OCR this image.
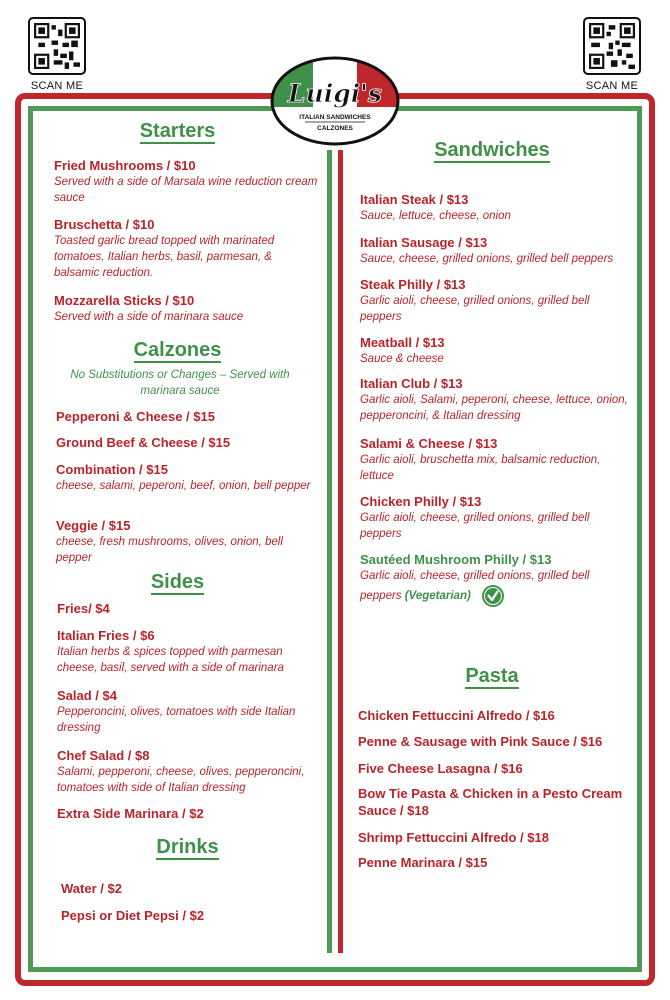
SCAN ME	SCAN ME
Luigi's
ITALIAN SANDWICHES
CALZONES
Starters
Fried Mushrooms / $10
Served with a side of Marsala wine reduction cream sauce
Bruschetta / $10
Toasted garlic bread topped with marinated tomatoes, Italian herbs, basil, parmesan, & balsamic reduction.
Mozzarella Sticks / $10
Served with a side of marinara sauce
Calzones
No Substitutions or Changes – Served with marinara sauce
Pepperoni & Cheese / $15
Ground Beef & Cheese / $15
Combination / $15
cheese, salami, peperoni, beef, onion, bell pepper
Veggie / $15
cheese, fresh mushrooms, olives, onion, bell pepper
Sides
Fries/ $4
Italian Fries / $6
Italian herbs & spices topped with parmesan cheese, basil, served with a side of marinara
Salad / $4
Pepperoncini, olives, tomatoes with side Italian dressing
Chef Salad / $8
Salami, pepperoni, cheese, olives, pepperoncini, tomatoes with side of Italian dressing
Extra Side Marinara / $2
Drinks
Water / $2
Pepsi or Diet Pepsi / $2
Sandwiches
Italian Steak / $13
Sauce, lettuce, cheese, onion
Italian Sausage / $13
Sauce, cheese, grilled onions, grilled bell peppers
Steak Philly / $13
Garlic aioli, cheese, grilled onions, grilled bell peppers
Meatball / $13
Sauce & cheese
Italian Club / $13
Garlic aioli, Salami, peperoni, cheese, lettuce, onion, pepperoncini, & Italian dressing
Salami & Cheese / $13
Garlic aioli, bruschetta mix, balsamic reduction, lettuce
Chicken Philly / $13
Garlic aioli, cheese, grilled onions, grilled bell peppers
Sautéed Mushroom Philly / $13
Garlic aioli, cheese, grilled onions, grilled bell peppers (Vegetarian)
Pasta
Chicken Fettuccini Alfredo / $16
Penne & Sausage with Pink Sauce / $16
Five Cheese Lasagna / $16
Bow Tie Pasta & Chicken in a Pesto Cream Sauce / $18
Shrimp Fettuccini Alfredo / $18
Penne Marinara / $15
